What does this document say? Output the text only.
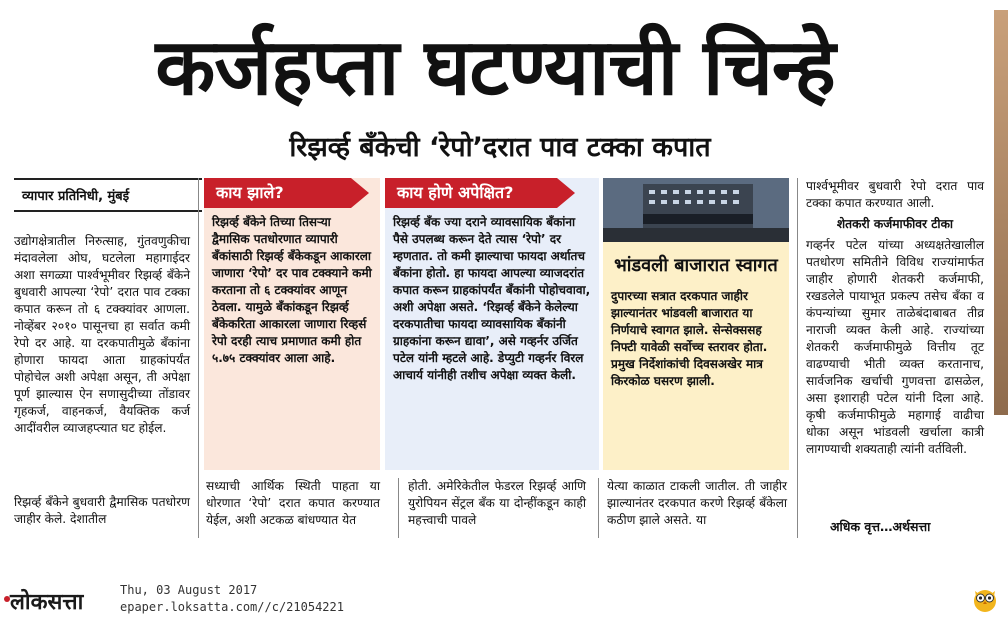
कर्जहप्ता घटण्याची चिन्हे
रिझर्व्ह बँकेची ‘रेपो’दरात पाव टक्का कपात
व्यापार प्रतिनिधी, मुंबई

उद्योगक्षेत्रातील निरुत्साह, गुंतवणुकीचा मंदावलेला ओघ, घटलेला महागाईदर अशा सगळ्या पार्श्वभूमीवर रिझर्व्ह बँकेने बुधवारी आपल्या ‘रेपो’ दरात पाव टक्का कपात करून तो ६ टक्क्यांवर आणला. नोव्हेंबर २०१० पासूनचा हा सर्वात कमी रेपो दर आहे. या दरकपातीमुळे बँकांना होणारा फायदा आता ग्राहकांपर्यंत पोहोचेल अशी अपेक्षा असून, ती अपेक्षा पूर्ण झाल्यास ऐन सणासुदीच्या तोंडावर गृहकर्ज, वाहनकर्ज, वैयक्तिक कर्ज आदींवरील व्याजहप्त्यात घट होईल.

रिझर्व्ह बँकेने बुधवारी द्वैमासिक पतधोरण जाहीर केले. देशातील

काय झाले?
रिझर्व्ह बँकेने तिच्या तिसऱ्या द्वैमासिक पतधोरणात व्यापारी बँकांसाठी रिझर्व्ह बँकेकडून आकारला जाणारा ‘रेपो’ दर पाव टक्क्याने कमी करताना तो ६ टक्क्यांवर आणून ठेवला. यामुळे बँकांकडून रिझर्व्ह बँकेकरिता आकारला जाणारा रिव्हर्स रेपो दरही त्याच प्रमाणात कमी होत ५.७५ टक्क्यांवर आला आहे.
काय होणे अपेक्षित?
रिझर्व्ह बँक ज्या दराने व्यावसायिक बँकांना पैसे उपलब्ध करून देते त्यास ‘रेपो’ दर म्हणतात. तो कमी झाल्याचा फायदा अर्थातच बँकांना होतो. हा फायदा आपल्या व्याजदरांत कपात करून ग्राहकांपर्यंत बँकांनी पोहोचवावा, अशी अपेक्षा असते. ‘रिझर्व्ह बँकेने केलेल्या दरकपातीचा फायदा व्यावसायिक बँकांनी ग्राहकांना करून द्यावा’, असे गव्हर्नर उर्जित पटेल यांनी म्हटले आहे. डेप्युटी गव्हर्नर विरल आचार्य यांनीही तशीच अपेक्षा व्यक्त केली.
भांडवली बाजारात स्वागत
दुपारच्या सत्रात दरकपात जाहीर झाल्यानंतर भांडवली बाजारात या निर्णयाचे स्वागत झाले. सेन्सेक्ससह निफ्टी यावेळी सर्वोच्च स्तरावर होता. प्रमुख निर्देशांकांची दिवसअखेर मात्र किरकोळ घसरण झाली.
सध्याची आर्थिक स्थिती पाहता या धोरणात ‘रेपो’ दरात कपात करण्यात येईल, अशी अटकळ बांधण्यात येत
होती. अमेरिकेतील फेडरल रिझर्व्ह आणि युरोपियन सेंट्रल बँक या दोन्हींकडून काही महत्त्वाची पावले
येत्या काळात टाकली जातील. ती जाहीर झाल्यानंतर दरकपात करणे रिझर्व्ह बँकेला कठीण झाले असते. या

पार्श्वभूमीवर बुधवारी रेपो दरात पाव टक्का कपात करण्यात आली.

शेतकरी कर्जमाफीवर टीका

गव्हर्नर पटेल यांच्या अध्यक्षतेखालील पतधोरण समितीने विविध राज्यांमार्फत जाहीर होणारी शेतकरी कर्जमाफी, रखडलेले पायाभूत प्रकल्प तसेच बँका व कंपन्यांच्या सुमार ताळेबंदाबाबत तीव्र नाराजी व्यक्त केली आहे. राज्यांच्या शेतकरी कर्जमाफीमुळे वित्तीय तूट वाढण्याची भीती व्यक्त करतानाच, सार्वजनिक खर्चाची गुणवत्ता ढासळेल, असा इशाराही पटेल यांनी दिला आहे. कृषी कर्जमाफीमुळे महागाई वाढीचा धोका असून भांडवली खर्चाला कात्री लागण्याची शक्यताही त्यांनी वर्तविली.

अधिक वृत्त…अर्थसत्ता
लोकसत्ता	Thu, 03 August 2017
epaper.loksatta.com//c/21054221
